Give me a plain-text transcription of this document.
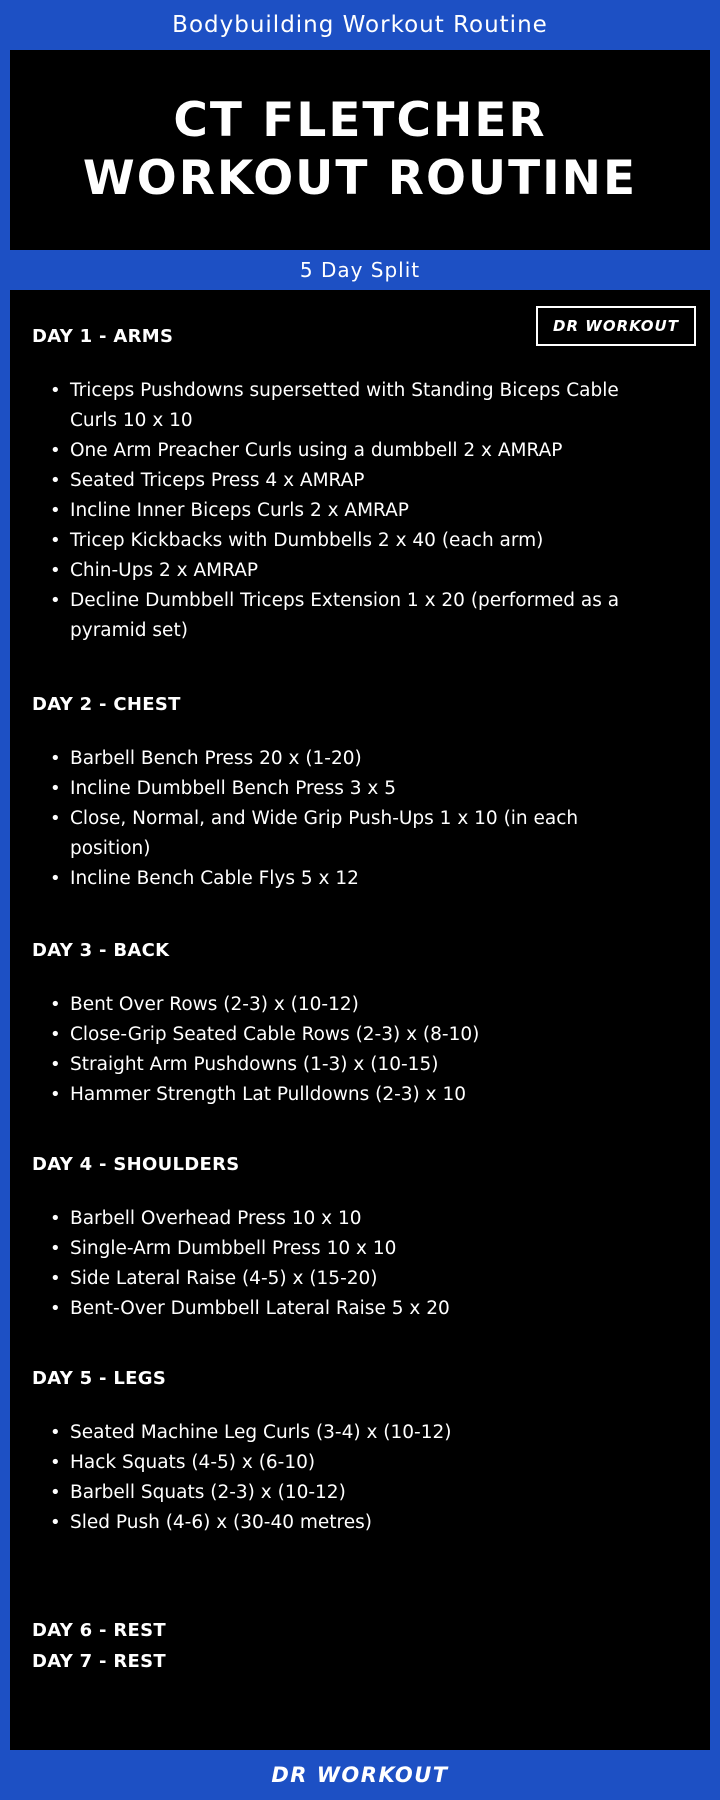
Bodybuilding Workout Routine
CT FLETCHER
WORKOUT ROUTINE
5 Day Split
DR WORKOUT
DAY 1 - ARMS
• Triceps Pushdowns supersetted with Standing Biceps Cable Curls 10 x 10
• One Arm Preacher Curls using a dumbbell 2 x AMRAP
• Seated Triceps Press 4 x AMRAP
• Incline Inner Biceps Curls 2 x AMRAP
• Tricep Kickbacks with Dumbbells 2 x 40 (each arm)
• Chin-Ups 2 x AMRAP
• Decline Dumbbell Triceps Extension 1 x 20 (performed as a pyramid set)
DAY 2 - CHEST
• Barbell Bench Press 20 x (1-20)
• Incline Dumbbell Bench Press 3 x 5
• Close, Normal, and Wide Grip Push-Ups 1 x 10 (in each position)
• Incline Bench Cable Flys 5 x 12
DAY 3 - BACK
• Bent Over Rows (2-3) x (10-12)
• Close-Grip Seated Cable Rows (2-3) x (8-10)
• Straight Arm Pushdowns (1-3) x (10-15)
• Hammer Strength Lat Pulldowns (2-3) x 10
DAY 4 - SHOULDERS
• Barbell Overhead Press 10 x 10
• Single-Arm Dumbbell Press 10 x 10
• Side Lateral Raise (4-5) x (15-20)
• Bent-Over Dumbbell Lateral Raise 5 x 20
DAY 5 - LEGS
• Seated Machine Leg Curls (3-4) x (10-12)
• Hack Squats (4-5) x (6-10)
• Barbell Squats (2-3) x (10-12)
• Sled Push (4-6) x (30-40 metres)
DAY 6 - REST
DAY 7 - REST
DR WORKOUT
